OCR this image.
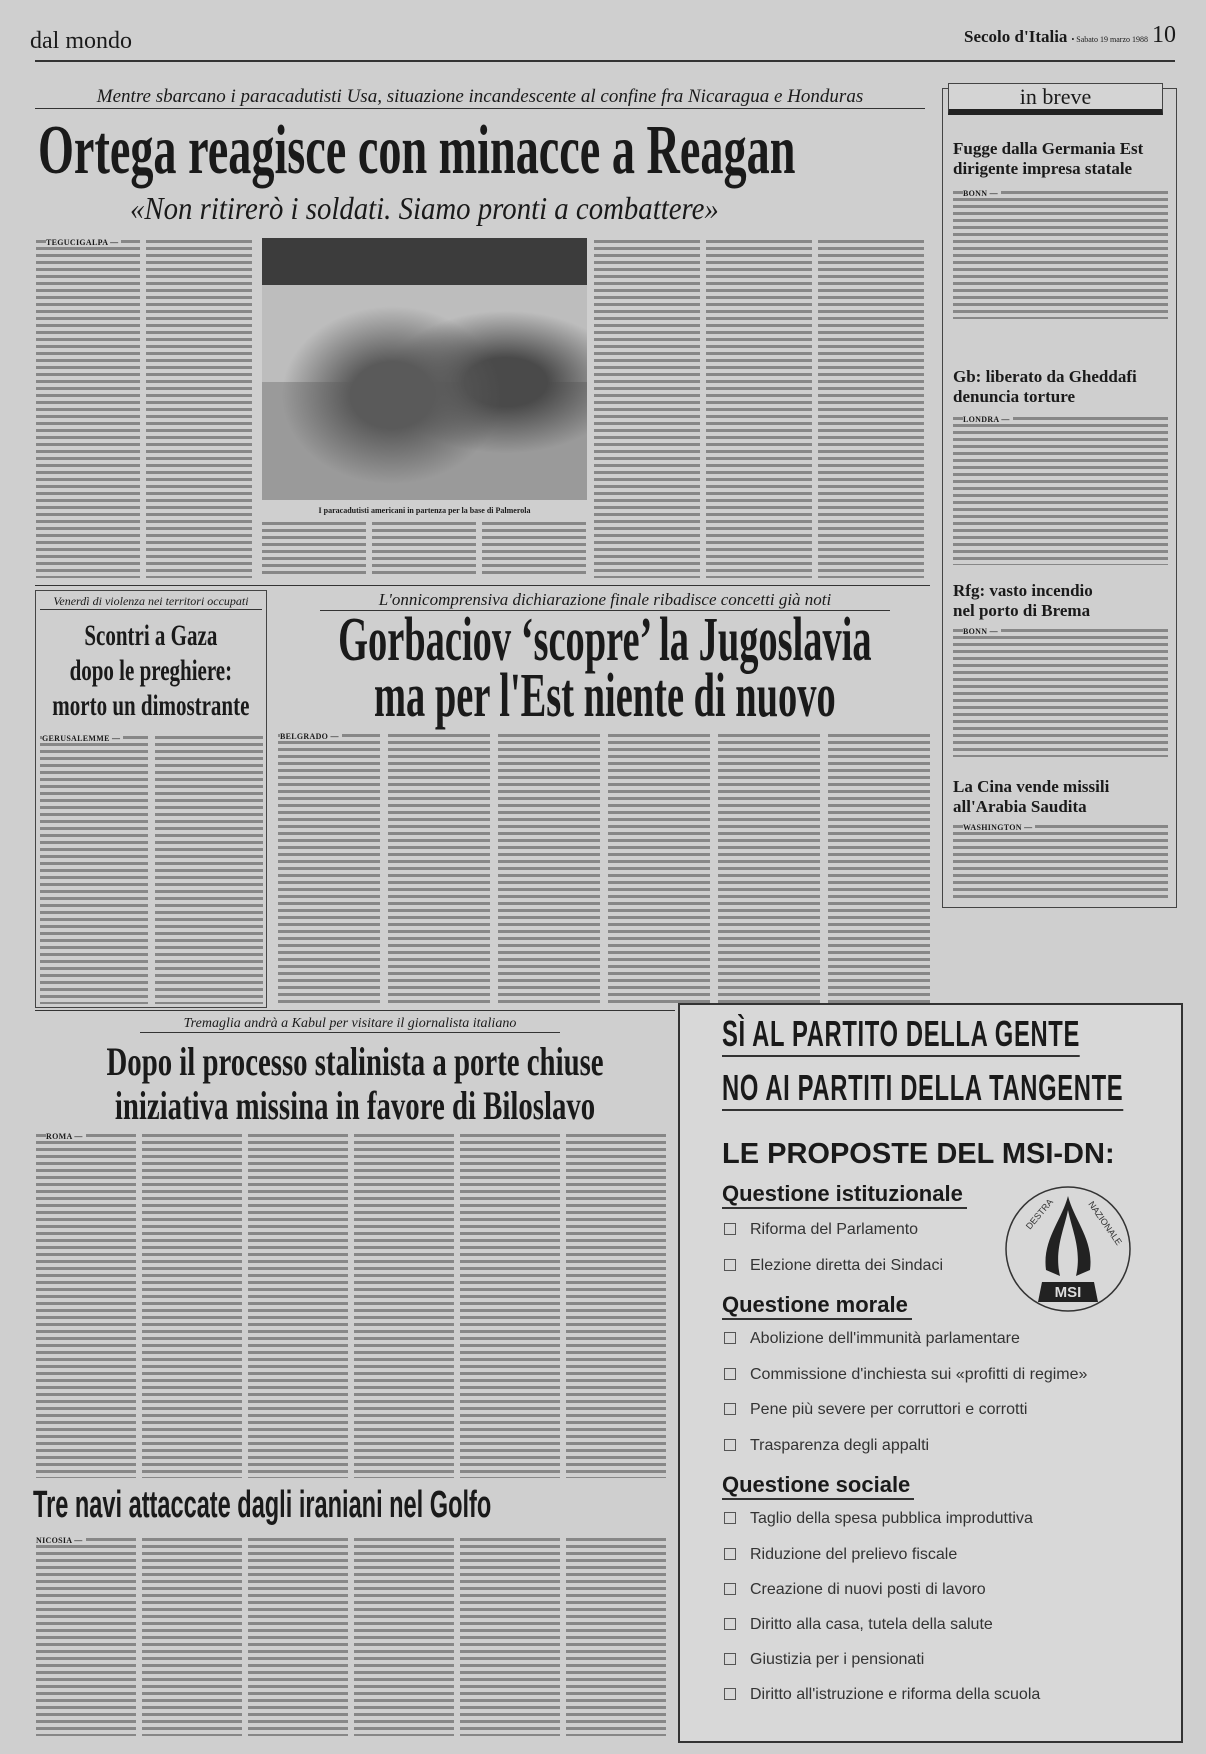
dal mondo	Secolo d'Italia • Sabato 19 marzo 1988 10
Mentre sbarcano i paracadutisti Usa, situazione incandescente al confine fra Nicaragua e Honduras
Ortega reagisce con minacce a Reagan
«Non ritirerò i soldati. Siamo pronti a combattere»
TEGUCIGALPA —
I paracadutisti americani in partenza per la base di Palmerola
in breve
Fugge dalla Germania Est dirigente impresa statale
BONN —
Gb: liberato da Gheddafi denuncia torture
LONDRA —
Rfg: vasto incendio nel porto di Brema
BONN —
La Cina vende missili all'Arabia Saudita
WASHINGTON —
Venerdì di violenza nei territori occupati
Scontri a Gaza
dopo le preghiere:
morto un dimostrante
GERUSALEMME —
L'onnicomprensiva dichiarazione finale ribadisce concetti già noti
Gorbaciov ‘scopre’ la Jugoslavia
ma per l'Est niente di nuovo
BELGRADO —
Tremaglia andrà a Kabul per visitare il giornalista italiano
Dopo il processo stalinista a porte chiuse
iniziativa missina in favore di Biloslavo
ROMA —
Tre navi attaccate dagli iraniani nel Golfo
NICOSIA —
SÌ AL PARTITO DELLA GENTE
NO AI PARTITI DELLA TANGENTE
LE PROPOSTE DEL MSI-DN:
Questione istituzionale
Riforma del Parlamento
Elezione diretta dei Sindaci
MSI
DESTRA	NAZIONALE
Questione morale
Abolizione dell'immunità parlamentare
Commissione d'inchiesta sui «profitti di regime»
Pene più severe per corruttori e corrotti
Trasparenza degli appalti
Questione sociale
Taglio della spesa pubblica improduttiva
Riduzione del prelievo fiscale
Creazione di nuovi posti di lavoro
Diritto alla casa, tutela della salute
Giustizia per i pensionati
Diritto all'istruzione e riforma della scuola
